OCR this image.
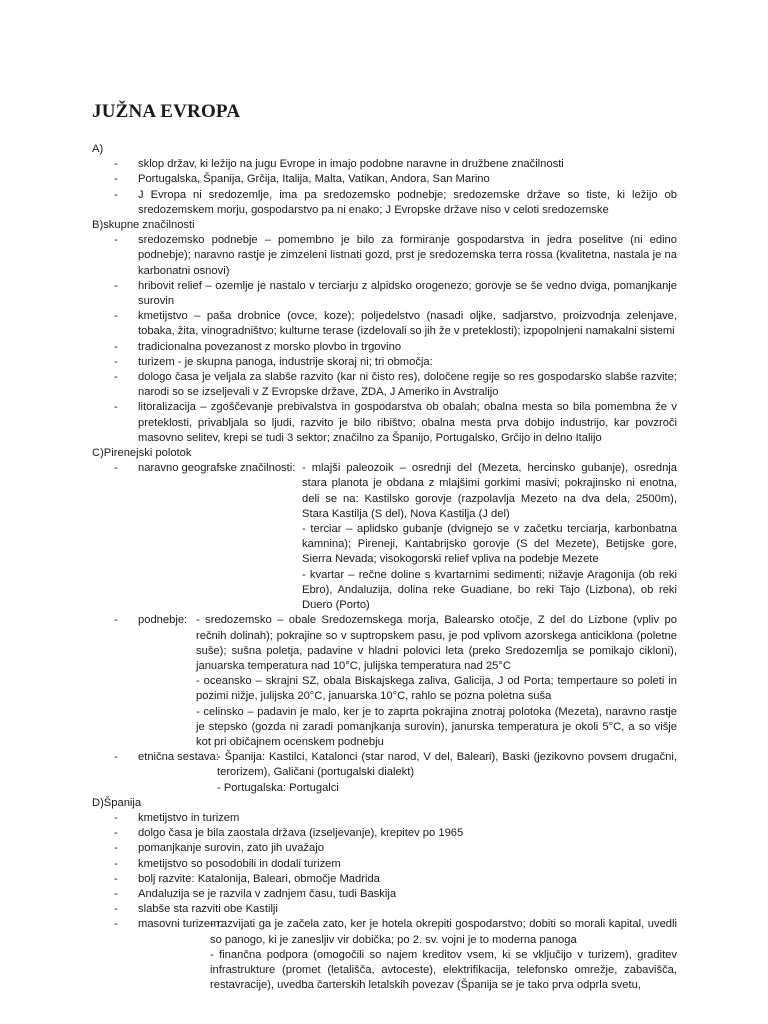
JUŽNA EVROPA

A)

- sklop držav, ki ležijo na jugu Evrope in imajo podobne naravne in družbene značilnosti
- Portugalska, Španija, Grčija, Italija, Malta, Vatikan, Andora, San Marino
- J Evropa ni sredozemlje, ima pa sredozemsko podnebje; sredozemske države so tiste, ki ležijo ob sredozemskem morju, gospodarstvo pa ni enako; J Evropske države niso v celoti sredozemske

B)skupne značilnosti

- sredozemsko podnebje – pomembno je bilo za formiranje gospodarstva in jedra poselitve (ni edino podnebje); naravno rastje je zimzeleni listnati gozd, prst je sredozemska terra rossa (kvalitetna, nastala je na karbonatni osnovi)
- hribovit relief – ozemlje je nastalo v terciarju z alpidsko orogenezo; gorovje se še vedno dviga, pomanjkanje surovin
- kmetijstvo – paša drobnice (ovce, koze); poljedelstvo (nasadi oljke, sadjarstvo, proizvodnja zelenjave, tobaka, žita, vinogradništvo; kulturne terase (izdelovali so jih že v preteklosti); izpopolnjeni namakalni sistemi
- tradicionalna povezanost z morsko plovbo in trgovino
- turizem - je skupna panoga, industrije skoraj ni; tri območja:
- dologo časa je veljala za slabše razvito (kar ni čisto res), določene regije so res gospodarsko slabše razvite; narodi so se izseljevali v Z Evropske države, ZDA, J Ameriko in Avstralijo
- litoralizacija – zgoščevanje prebivalstva in gospodarstva ob obalah; obalna mesta so bila pomembna že v preteklosti, privabljala so ljudi, razvito je bilo ribištvo; obalna mesta prva dobijo industrijo, kar povzroči masovno selitev, krepi se tudi 3 sektor; značilno za Španijo, Portugalsko, Grčijo in delno Italijo

C)Pirenejski polotok

- naravno geografske značilnosti: - mlajši paleozoik – osrednji del (Mezeta, hercinsko gubanje), osrednja stara planota je obdana z mlajšimi gorkimi masivi; pokrajinsko ni enotna, deli se na: Kastilsko gorovje (razpolavlja Mezeto na dva dela, 2500m), Stara Kastilja (S del), Nova Kastilja (J del)
- terciar – aplidsko gubanje (dvignejo se v začetku terciarja, karbonbatna kamnina); Pireneji, Kantabrijsko gorovje (S del Mezete), Betijske gore, Sierra Nevada; visokogorski relief vpliva na podebje Mezete
- kvartar – rečne doline s kvartarnimi sedimenti; nižavje Aragonija (ob reki Ebro), Andaluzija, dolina reke Guadiane, bo reki Tajo (Lizbona), ob reki Duero (Porto)
- podnebje: - sredozemsko – obale Sredozemskega morja, Balearsko otočje, Z del do Lizbone (vpliv po rečnih dolinah); pokrajine so v suptropskem pasu, je pod vplivom azorskega anticiklona (poletne suše); sušna poletja, padavine v hladni polovici leta (preko Sredozemlja se pomikajo cikloni), januarska temperatura nad 10°C, julijska temperatura nad 25°C
- oceansko – skrajni SZ, obala Biskajskega zaliva, Galicija, J od Porta; tempertaure so poleti in pozimi nižje, julijska 20°C, januarska 10°C, rahlo se pozna poletna suša
- celinsko – padavin je malo, ker je to zaprta pokrajina znotraj polotoka (Mezeta), naravno rastje je stepsko (gozda ni zaradi pomanjkanja surovin), janurska temperatura je okoli 5°C, a so višje kot pri običajnem ocenskem podnebju
- etnična sestava:
- Španija: Kastilci, Katalonci (star narod, V del, Baleari), Baski (jezikovno povsem drugačni, terorizem), Galičani (portugalski dialekt)
- Portugalska: Portugalci

D)Španija

- kmetijstvo in turizem
- dolgo časa je bila zaostala država (izseljevanje), krepitev po 1965
- pomanjkanje surovin, zato jih uvažajo
- kmetijstvo so posodobili in dodali turizem
- bolj razvite: Katalonija, Baleari, območje Madrida
- Andaluzija se je razvila v zadnjem času, tudi Baskija
- slabše sta razviti obe Kastilji
- masovni turizem:
- razvijati ga je začela zato, ker je hotela okrepiti gospodarstvo; dobiti so morali kapital, uvedli so panogo, ki je zanesljiv vir dobička; po 2. sv. vojni je to moderna panoga
- finančna podpora (omogočili so najem kreditov vsem, ki se vključijo v turizem), graditev infrastrukture (promet (letališča, avtoceste), elektrifikacija, telefonsko omrežje, zabavišča, restavracije), uvedba čarterskih letalskih povezav (Španija se je tako prva odprla svetu,
